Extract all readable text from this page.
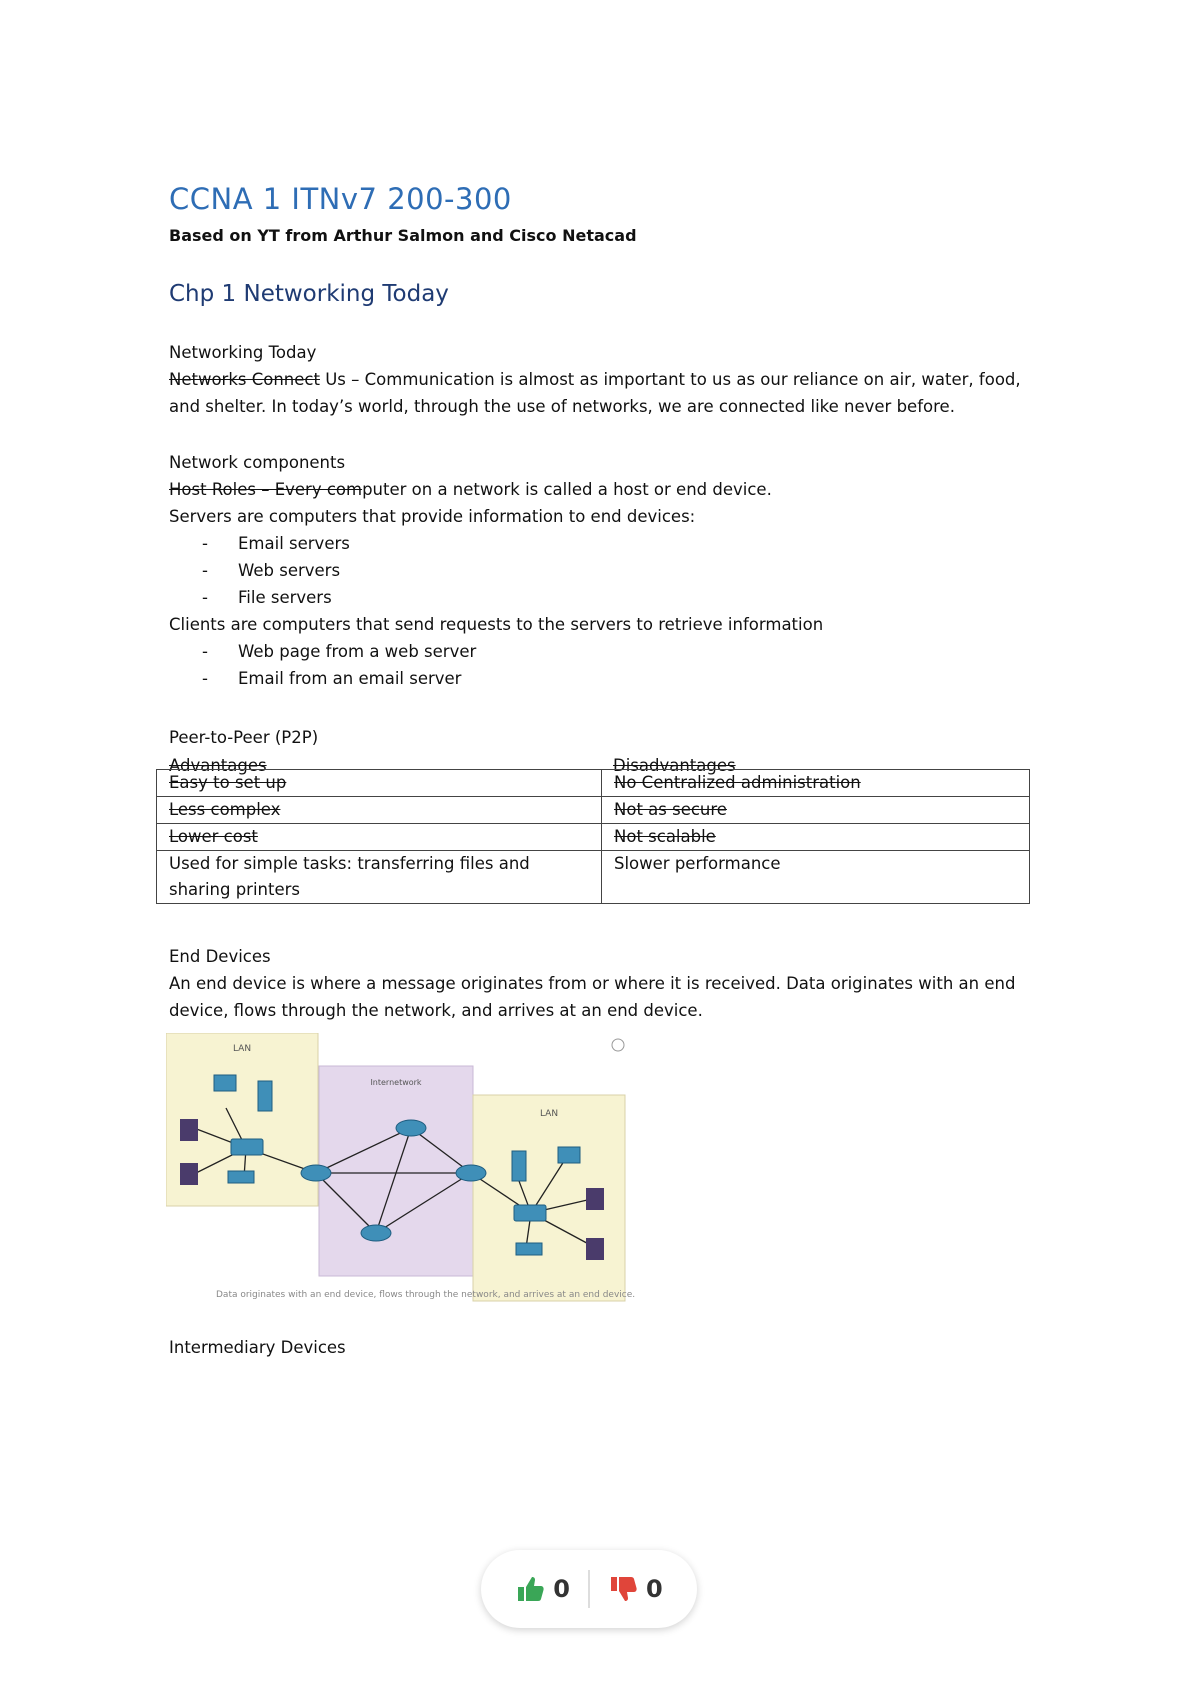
CCNA 1 ITNv7 200-300
Based on YT from Arthur Salmon and Cisco Netacad
Chp 1 Networking Today
Networking Today
Networks Connect Us – Communication is almost as important to us as our reliance on air, water, food,
and shelter. In today’s world, through the use of networks, we are connected like never before.
Network components
Host Roles – Every computer on a network is called a host or end device.
Servers are computers that provide information to end devices:
- Email servers
- Web servers
- File servers
Clients are computers that send requests to the servers to retrieve information
- Web page from a web server
- Email from an email server
Peer-to-Peer (P2P)
Advantages	Disadvantages
Easy to set up	No Centralized administration
Less complex	Not as secure
Lower cost	Not scalable
Used for simple tasks: transferring files and sharing printers	Slower performance
End Devices
An end device is where a message originates from or where it is received. Data originates with an end
device, flows through the network, and arrives at an end device.
LAN
Internetwork
LAN
Data originates with an end device, flows through the network, and arrives at an end device.
Intermediary Devices
0	0
